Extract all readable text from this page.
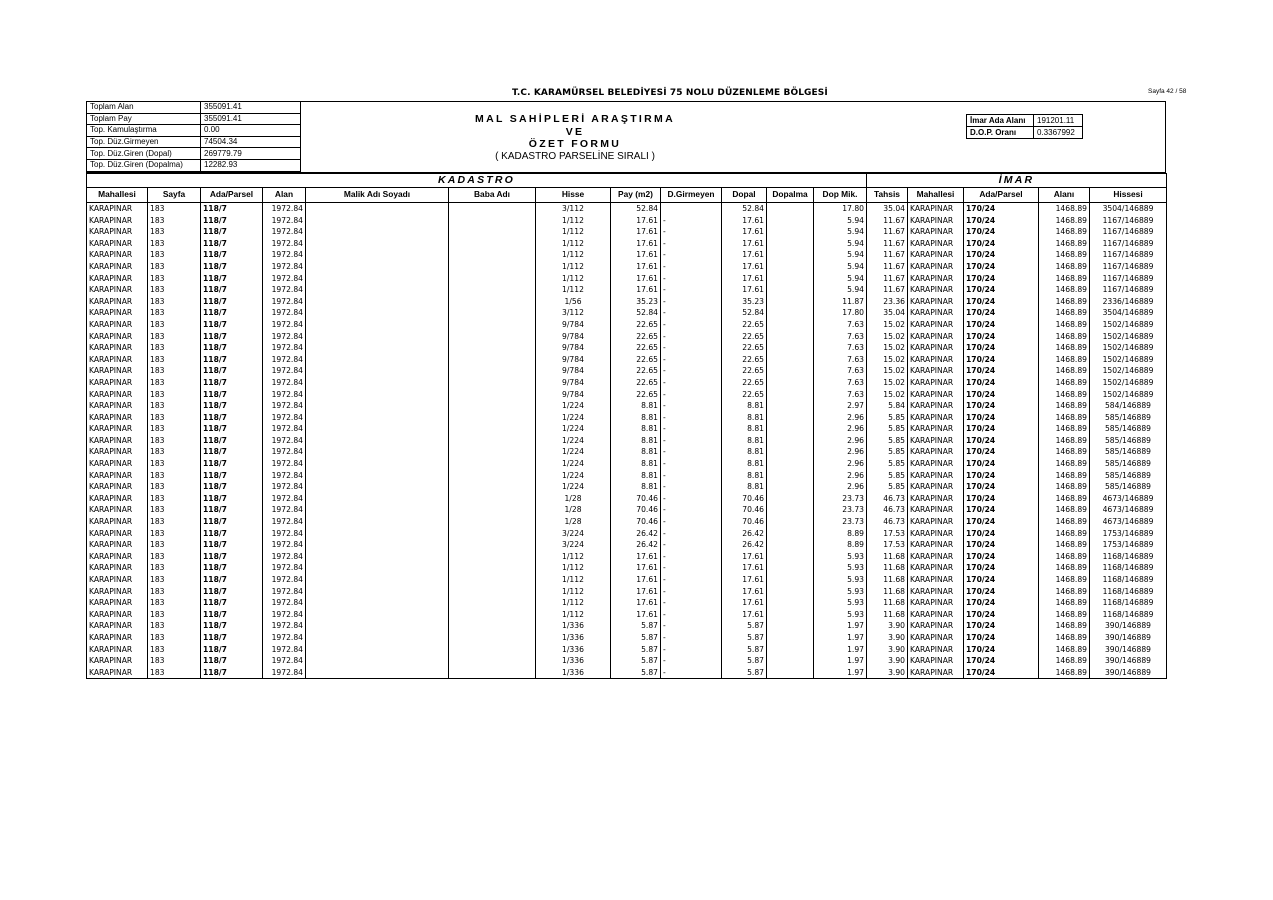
T.C. KARAMÜRSEL BELEDİYESİ 75 NOLU DÜZENLEME BÖLGESİ	Sayfa 42 / 58
Toplam Alan	355091.41
Toplam Pay	355091.41
Top. Kamulaştırma	0.00
Top. Düz.Girmeyen	74504.34
Top. Düz.Giren (Dopal)	269779.79
Top. Düz.Giren (Dopalma)	12282.93
MAL SAHİPLERİ ARAŞTIRMA
VE
ÖZET FORMU
( KADASTRO PARSELİNE SIRALI )
İmar Ada Alanı	191201.11
D.O.P. Oranı	0.3367992
KADASTRO												İMAR				
Mahallesi	Sayfa	Ada/Parsel	Alan	Malik Adı Soyadı	Baba Adı	Hisse	Pay (m2)	D.Girmeyen	Dopal	Dopalma	Dop Mik.	Tahsis	Mahallesi	Ada/Parsel	Alanı	Hissesi
KARAPINAR	183	118/7	1972.84			3/112	52.84		52.84		17.80	35.04	KARAPINAR	170/24	1468.89	3504/146889
KARAPINAR	183	118/7	1972.84			1/112	17.61	-	17.61		5.94	11.67	KARAPINAR	170/24	1468.89	1167/146889
KARAPINAR	183	118/7	1972.84			1/112	17.61	-	17.61		5.94	11.67	KARAPINAR	170/24	1468.89	1167/146889
KARAPINAR	183	118/7	1972.84			1/112	17.61	-	17.61		5.94	11.67	KARAPINAR	170/24	1468.89	1167/146889
KARAPINAR	183	118/7	1972.84			1/112	17.61	-	17.61		5.94	11.67	KARAPINAR	170/24	1468.89	1167/146889
KARAPINAR	183	118/7	1972.84			1/112	17.61	-	17.61		5.94	11.67	KARAPINAR	170/24	1468.89	1167/146889
KARAPINAR	183	118/7	1972.84			1/112	17.61	-	17.61		5.94	11.67	KARAPINAR	170/24	1468.89	1167/146889
KARAPINAR	183	118/7	1972.84			1/112	17.61	-	17.61		5.94	11.67	KARAPINAR	170/24	1468.89	1167/146889
KARAPINAR	183	118/7	1972.84			1/56	35.23	-	35.23		11.87	23.36	KARAPINAR	170/24	1468.89	2336/146889
KARAPINAR	183	118/7	1972.84			3/112	52.84	-	52.84		17.80	35.04	KARAPINAR	170/24	1468.89	3504/146889
KARAPINAR	183	118/7	1972.84			9/784	22.65	-	22.65		7.63	15.02	KARAPINAR	170/24	1468.89	1502/146889
KARAPINAR	183	118/7	1972.84			9/784	22.65	-	22.65		7.63	15.02	KARAPINAR	170/24	1468.89	1502/146889
KARAPINAR	183	118/7	1972.84			9/784	22.65	-	22.65		7.63	15.02	KARAPINAR	170/24	1468.89	1502/146889
KARAPINAR	183	118/7	1972.84			9/784	22.65	-	22.65		7.63	15.02	KARAPINAR	170/24	1468.89	1502/146889
KARAPINAR	183	118/7	1972.84			9/784	22.65	-	22.65		7.63	15.02	KARAPINAR	170/24	1468.89	1502/146889
KARAPINAR	183	118/7	1972.84			9/784	22.65	-	22.65		7.63	15.02	KARAPINAR	170/24	1468.89	1502/146889
KARAPINAR	183	118/7	1972.84			9/784	22.65	-	22.65		7.63	15.02	KARAPINAR	170/24	1468.89	1502/146889
KARAPINAR	183	118/7	1972.84			1/224	8.81	-	8.81		2.97	5.84	KARAPINAR	170/24	1468.89	584/146889
KARAPINAR	183	118/7	1972.84			1/224	8.81	-	8.81		2.96	5.85	KARAPINAR	170/24	1468.89	585/146889
KARAPINAR	183	118/7	1972.84			1/224	8.81	-	8.81		2.96	5.85	KARAPINAR	170/24	1468.89	585/146889
KARAPINAR	183	118/7	1972.84			1/224	8.81	-	8.81		2.96	5.85	KARAPINAR	170/24	1468.89	585/146889
KARAPINAR	183	118/7	1972.84			1/224	8.81	-	8.81		2.96	5.85	KARAPINAR	170/24	1468.89	585/146889
KARAPINAR	183	118/7	1972.84			1/224	8.81	-	8.81		2.96	5.85	KARAPINAR	170/24	1468.89	585/146889
KARAPINAR	183	118/7	1972.84			1/224	8.81	-	8.81		2.96	5.85	KARAPINAR	170/24	1468.89	585/146889
KARAPINAR	183	118/7	1972.84			1/224	8.81	-	8.81		2.96	5.85	KARAPINAR	170/24	1468.89	585/146889
KARAPINAR	183	118/7	1972.84			1/28	70.46	-	70.46		23.73	46.73	KARAPINAR	170/24	1468.89	4673/146889
KARAPINAR	183	118/7	1972.84			1/28	70.46	-	70.46		23.73	46.73	KARAPINAR	170/24	1468.89	4673/146889
KARAPINAR	183	118/7	1972.84			1/28	70.46	-	70.46		23.73	46.73	KARAPINAR	170/24	1468.89	4673/146889
KARAPINAR	183	118/7	1972.84			3/224	26.42	-	26.42		8.89	17.53	KARAPINAR	170/24	1468.89	1753/146889
KARAPINAR	183	118/7	1972.84			3/224	26.42	-	26.42		8.89	17.53	KARAPINAR	170/24	1468.89	1753/146889
KARAPINAR	183	118/7	1972.84			1/112	17.61	-	17.61		5.93	11.68	KARAPINAR	170/24	1468.89	1168/146889
KARAPINAR	183	118/7	1972.84			1/112	17.61	-	17.61		5.93	11.68	KARAPINAR	170/24	1468.89	1168/146889
KARAPINAR	183	118/7	1972.84			1/112	17.61	-	17.61		5.93	11.68	KARAPINAR	170/24	1468.89	1168/146889
KARAPINAR	183	118/7	1972.84			1/112	17.61	-	17.61		5.93	11.68	KARAPINAR	170/24	1468.89	1168/146889
KARAPINAR	183	118/7	1972.84			1/112	17.61	-	17.61		5.93	11.68	KARAPINAR	170/24	1468.89	1168/146889
KARAPINAR	183	118/7	1972.84			1/112	17.61	-	17.61		5.93	11.68	KARAPINAR	170/24	1468.89	1168/146889
KARAPINAR	183	118/7	1972.84			1/336	5.87	-	5.87		1.97	3.90	KARAPINAR	170/24	1468.89	390/146889
KARAPINAR	183	118/7	1972.84			1/336	5.87	-	5.87		1.97	3.90	KARAPINAR	170/24	1468.89	390/146889
KARAPINAR	183	118/7	1972.84			1/336	5.87	-	5.87		1.97	3.90	KARAPINAR	170/24	1468.89	390/146889
KARAPINAR	183	118/7	1972.84			1/336	5.87	-	5.87		1.97	3.90	KARAPINAR	170/24	1468.89	390/146889
KARAPINAR	183	118/7	1972.84			1/336	5.87	-	5.87		1.97	3.90	KARAPINAR	170/24	1468.89	390/146889
